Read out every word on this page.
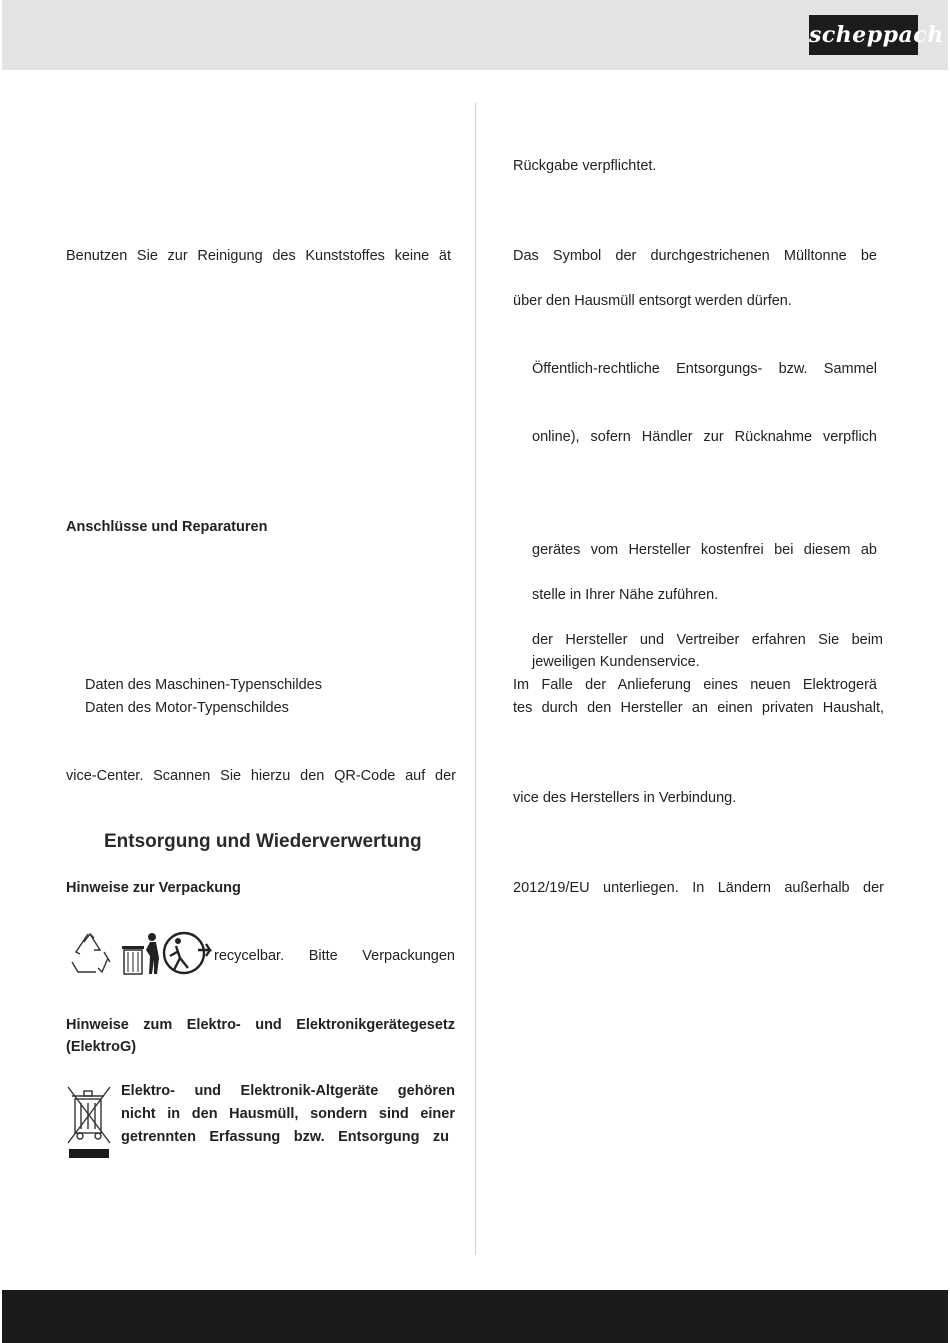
scheppach
Benutzen Sie zur Reinigung des Kunststoffes keine ät
Anschlüsse und Reparaturen
Daten des Maschinen-Typenschildes
Daten des Motor-Typenschildes
vice-Center. Scannen Sie hierzu den QR-Code auf der
Entsorgung und Wiederverwertung
Hinweise zur Verpackung
recycelbar. Bitte Verpackungen
Hinweise zum Elektro- und Elektronikgerätegesetz
(ElektroG)
Elektro- und Elektronik-Altgeräte gehören
nicht in den Hausmüll, sondern sind einer
getrennten Erfassung bzw. Entsorgung zu
Rückgabe verpflichtet.
Das Symbol der durchgestrichenen Mülltonne be
über den Hausmüll entsorgt werden dürfen.
Öffentlich-rechtliche Entsorgungs- bzw. Sammel
online), sofern Händler zur Rücknahme verpflich
gerätes vom Hersteller kostenfrei bei diesem ab
stelle in Ihrer Nähe zuführen.
der Hersteller und Vertreiber erfahren Sie beim
jeweiligen Kundenservice.
Im Falle der Anlieferung eines neuen Elektrogerä
tes durch den Hersteller an einen privaten Haushalt,
vice des Herstellers in Verbindung.
2012/19/EU unterliegen. In Ländern außerhalb der
